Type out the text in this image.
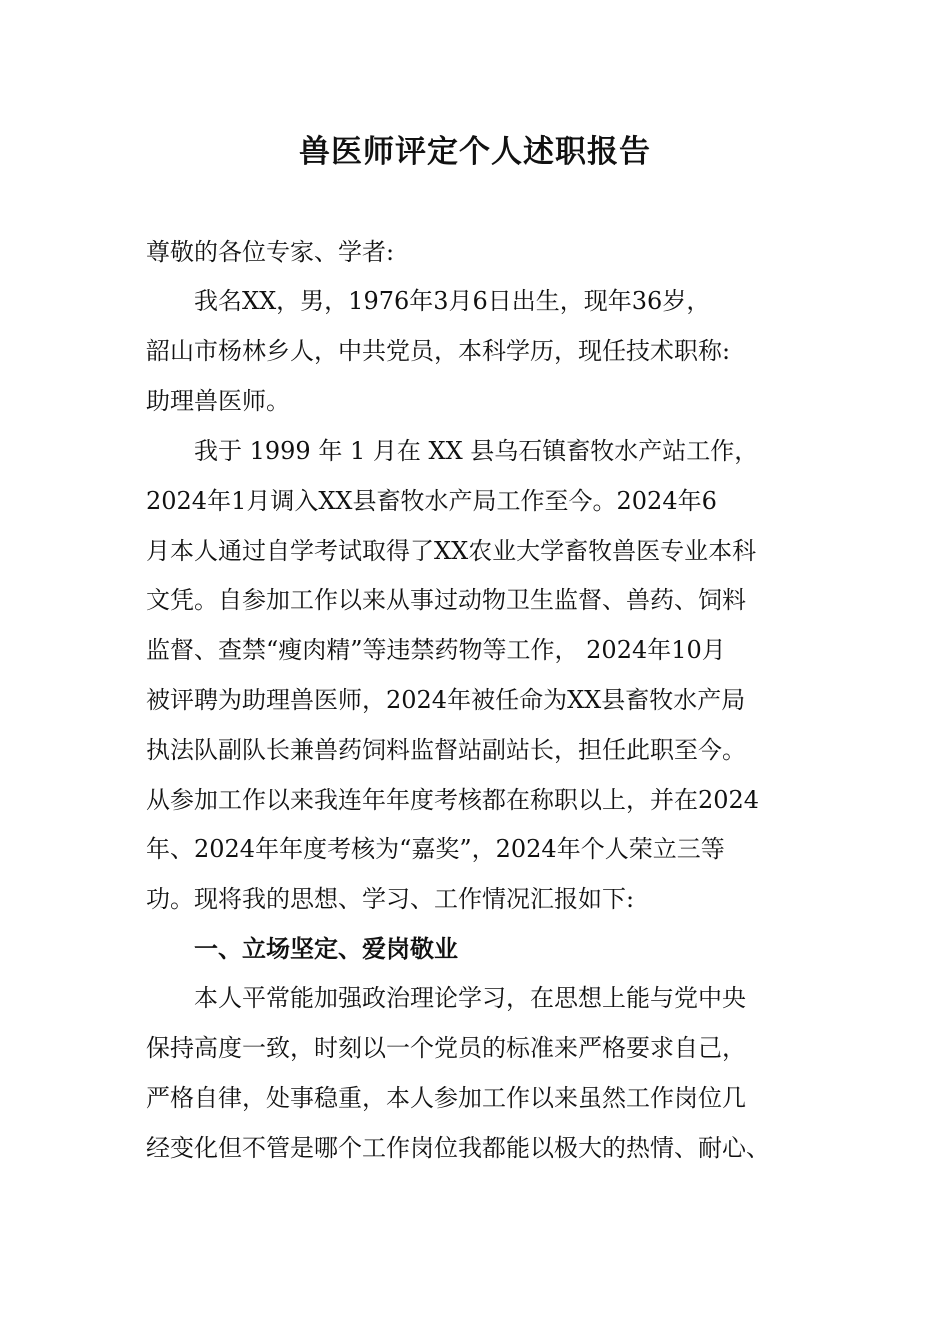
兽医师评定个人述职报告
尊敬的各位专家、学者:
我名XX，男，1976年3月6日出生，现年36岁，
韶山市杨林乡人，中共党员，本科学历，现任技术职称:
助理兽医师。
我于 1999 年 1 月在 XX 县乌石镇畜牧水产站工作，
2024年1月调入XX县畜牧水产局工作至今。2024年6
月本人通过自学考试取得了XX农业大学畜牧兽医专业本科
文凭。自参加工作以来从事过动物卫生监督、兽药、饲料
监督、查禁“瘦肉精”等违禁药物等工作， 2024年10月
被评聘为助理兽医师，2024年被任命为XX县畜牧水产局
执法队副队长兼兽药饲料监督站副站长，担任此职至今。
从参加工作以来我连年年度考核都在称职以上，并在2024
年、2024年年度考核为“嘉奖”，2024年个人荣立三等
功。现将我的思想、学习、工作情况汇报如下:
一、立场坚定、爱岗敬业
本人平常能加强政治理论学习，在思想上能与党中央
保持高度一致，时刻以一个党员的标准来严格要求自己，
严格自律，处事稳重，本人参加工作以来虽然工作岗位几
经变化但不管是哪个工作岗位我都能以极大的热情、耐心、
